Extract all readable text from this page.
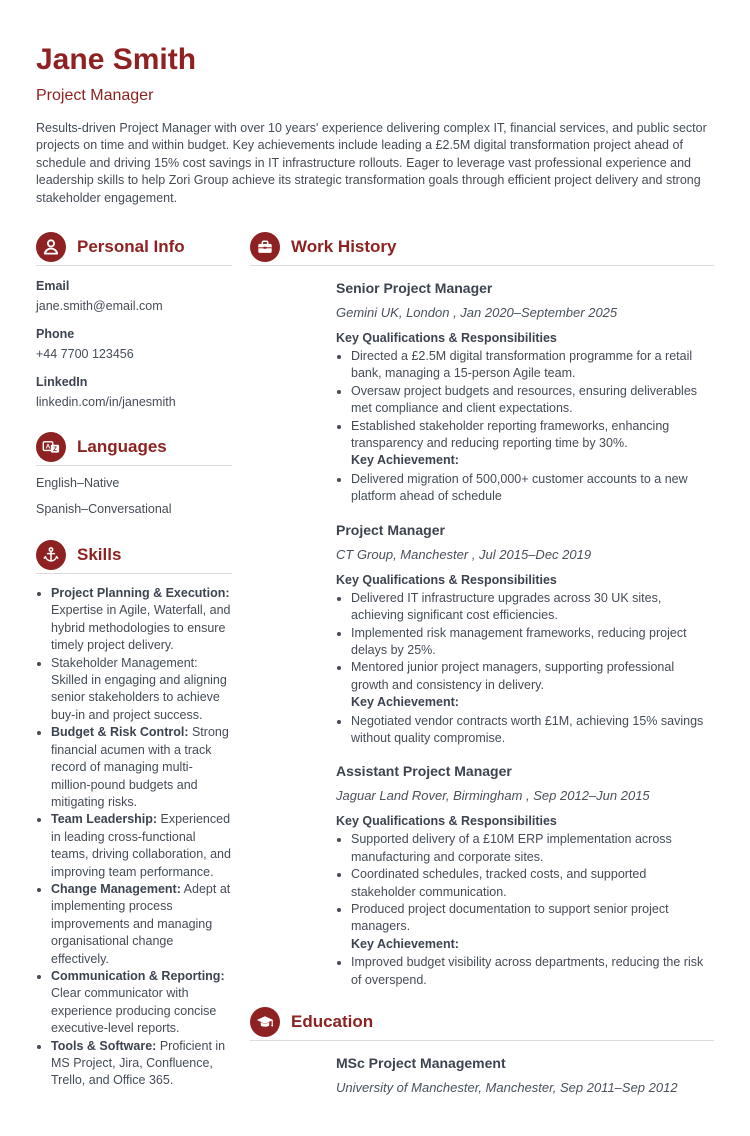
Jane Smith
Project Manager

Results-driven Project Manager with over 10 years' experience delivering complex IT, financial services, and public sector projects on time and within budget. Key achievements include leading a £2.5M digital transformation project ahead of schedule and driving 15% cost savings in IT infrastructure rollouts. Eager to leverage vast professional experience and leadership skills to help Zori Group achieve its strategic transformation goals through efficient project delivery and strong stakeholder engagement.

Personal Info
Email
jane.smith@email.com
Phone
+44 7700 123456
LinkedIn
linkedin.com/in/janesmith
A Z Languages
English–Native
Spanish–Conversational
Skills
• Project Planning & Execution: Expertise in Agile, Waterfall, and hybrid methodologies to ensure timely project delivery.
• Stakeholder Management: Skilled in engaging and aligning senior stakeholders to achieve buy-in and project success.
• Budget & Risk Control: Strong financial acumen with a track record of managing multi-million-pound budgets and mitigating risks.
• Team Leadership: Experienced in leading cross-functional teams, driving collaboration, and improving team performance.
• Change Management: Adept at implementing process improvements and managing organisational change effectively.
• Communication & Reporting: Clear communicator with experience producing concise executive-level reports.
• Tools & Software: Proficient in MS Project, Jira, Confluence, Trello, and Office 365.
Work History
Senior Project Manager
Gemini UK, London , Jan 2020–September 2025
Key Qualifications & Responsibilities
• Directed a £2.5M digital transformation programme for a retail bank, managing a 15-person Agile team.
• Oversaw project budgets and resources, ensuring deliverables met compliance and client expectations.
• Established stakeholder reporting frameworks, enhancing transparency and reducing reporting time by 30%.
Key Achievement:
• Delivered migration of 500,000+ customer accounts to a new platform ahead of schedule
Project Manager
CT Group, Manchester , Jul 2015–Dec 2019
Key Qualifications & Responsibilities
• Delivered IT infrastructure upgrades across 30 UK sites, achieving significant cost efficiencies.
• Implemented risk management frameworks, reducing project delays by 25%.
• Mentored junior project managers, supporting professional growth and consistency in delivery.
Key Achievement:
• Negotiated vendor contracts worth £1M, achieving 15% savings without quality compromise.
Assistant Project Manager
Jaguar Land Rover, Birmingham , Sep 2012–Jun 2015
Key Qualifications & Responsibilities
• Supported delivery of a £10M ERP implementation across manufacturing and corporate sites.
• Coordinated schedules, tracked costs, and supported stakeholder communication.
• Produced project documentation to support senior project managers.
Key Achievement:
• Improved budget visibility across departments, reducing the risk of overspend.
Education
MSc Project Management
University of Manchester, Manchester, Sep 2011–Sep 2012
